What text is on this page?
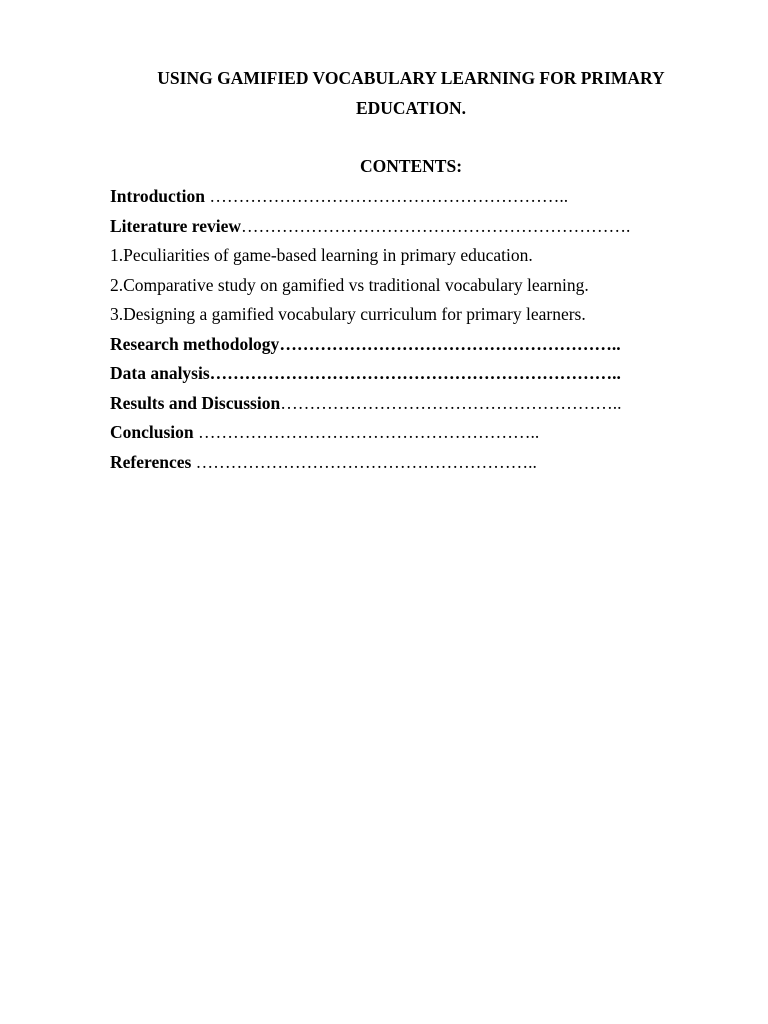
USING GAMIFIED VOCABULARY LEARNING FOR PRIMARY EDUCATION.
CONTENTS:
Introduction ……………………………………………………..
Literature review………………………………………………………….
1.Peculiarities of game-based learning in primary education.
2.Comparative study on gamified vs traditional vocabulary learning.
3.Designing a gamified vocabulary curriculum for primary learners.
Research methodology…………………………………………………..
Data analysis……………………………………………………………..
Results and Discussion…………………………………………………..
Conclusion …………………………………………………..
References …………………………………………………..
